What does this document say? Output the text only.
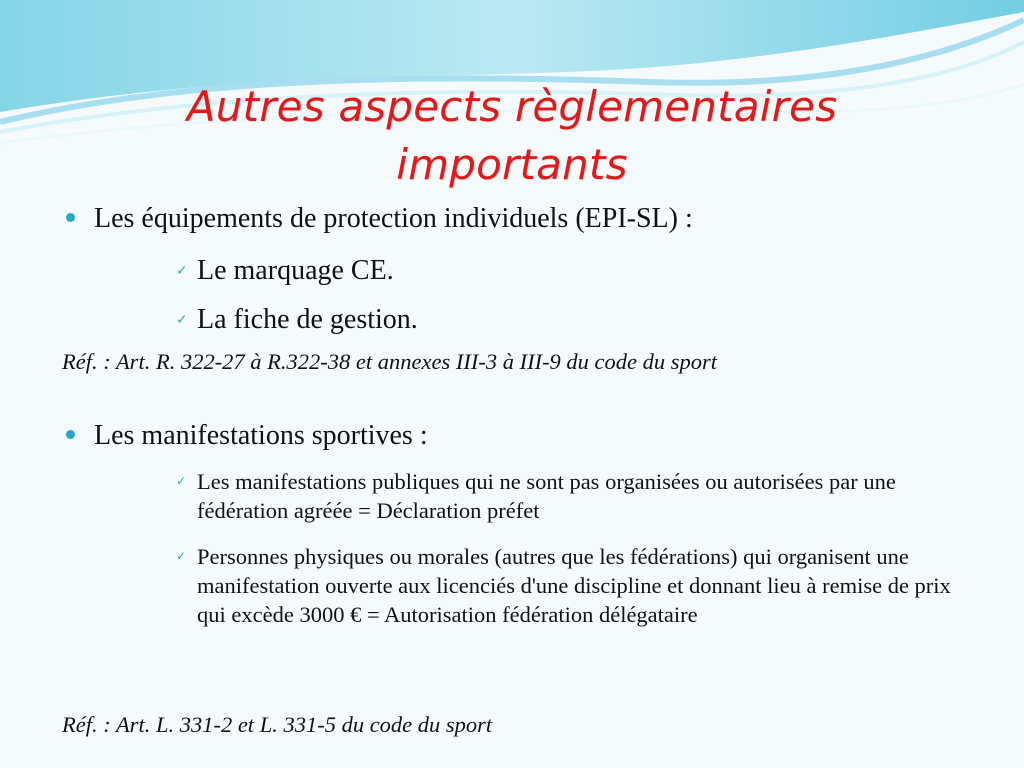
Autres aspects règlementaires
importants
Les équipements de protection individuels (EPI-SL) :
✓ Le marquage CE.
✓ La fiche de gestion.
Réf. : Art. R. 322-27 à R.322-38 et annexes III-3 à III-9 du code du sport
Les manifestations sportives :
✓ Les manifestations publiques qui ne sont pas organisées ou autorisées par une fédération agréée = Déclaration préfet
✓ Personnes physiques ou morales (autres que les fédérations) qui organisent une manifestation ouverte aux licenciés d'une discipline et donnant lieu à remise de prix qui excède 3000 € = Autorisation fédération délégataire
Réf. : Art. L. 331-2 et L. 331-5 du code du sport
